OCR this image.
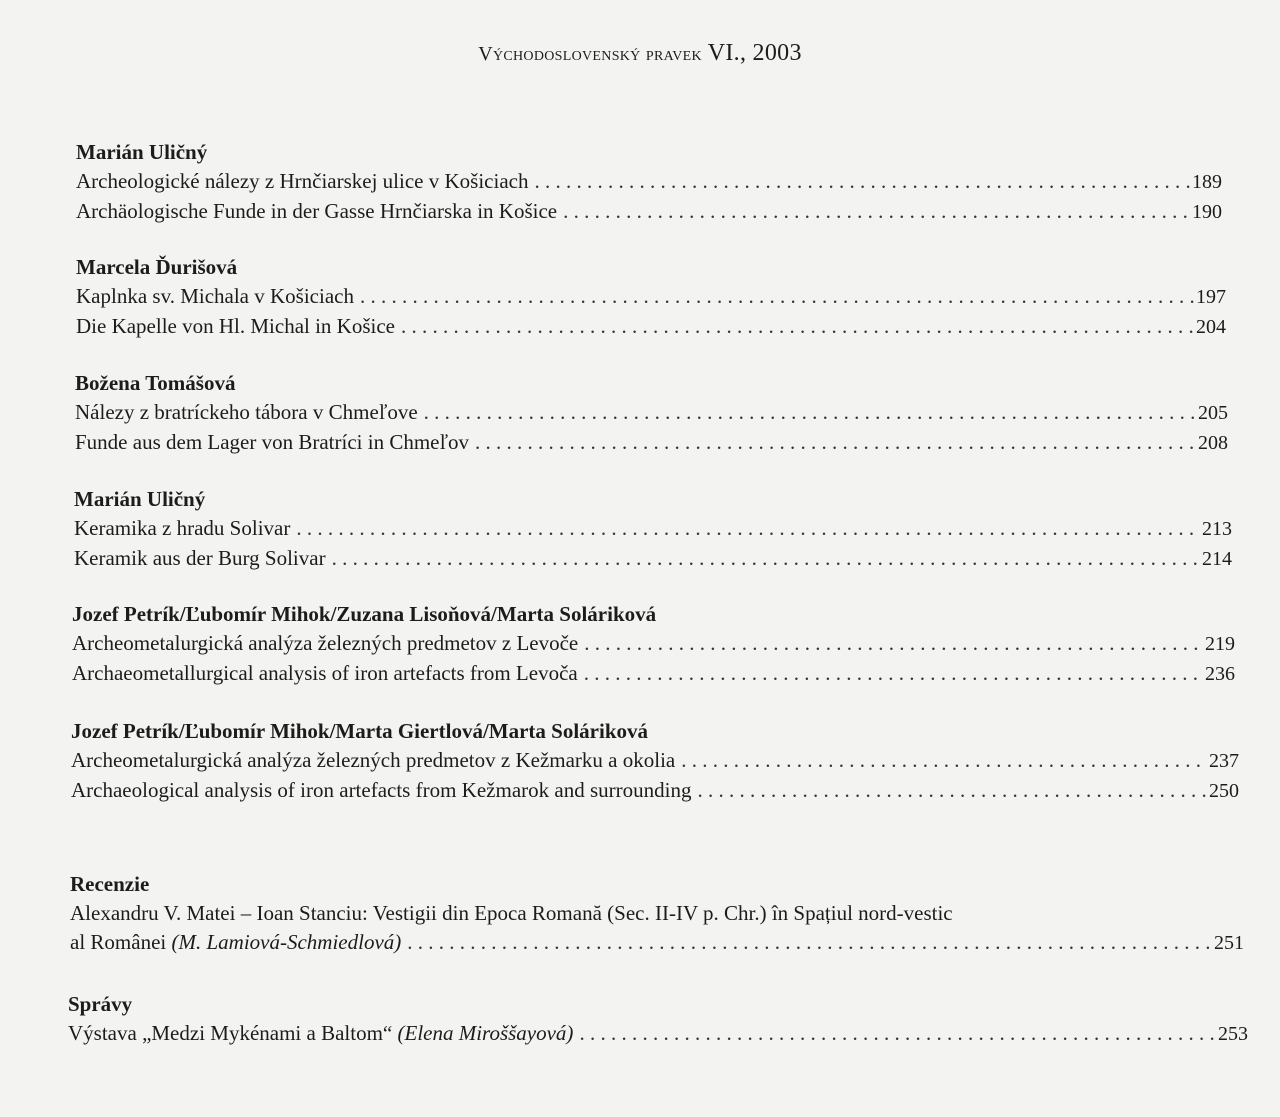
Východoslovenský pravek VI., 2003
Marián Uličný
Archeologické nálezy z Hrnčiarskej ulice v Košiciach . . .	189
Archäologische Funde in der Gasse Hrnčiarska in Košice . . .	190
Marcela Ďurišová
Kaplnka sv. Michala v Košiciach . . .	197
Die Kapelle von Hl. Michal in Košice . . .	204
Božena Tomášová
Nálezy z bratríckeho tábora v Chmeľove . . .	205
Funde aus dem Lager von Bratríci in Chmeľov . . .	208
Marián Uličný
Keramika z hradu Solivar . . .	213
Keramik aus der Burg Solivar . . .	214
Jozef Petrík/Ľubomír Mihok/Zuzana Lisoňová/Marta Soláriková
Archeometalurgická analýza železných predmetov z Levoče . . .	219
Archaeometallurgical analysis of iron artefacts from Levoča . . .	236
Jozef Petrík/Ľubomír Mihok/Marta Giertlová/Marta Soláriková
Archeometalurgická analýza železných predmetov z Kežmarku a okolia . . .	237
Archaeological analysis of iron artefacts from Kežmarok and surrounding . . .	250
Recenzie
Alexandru V. Matei – Ioan Stanciu: Vestigii din Epoca Romană (Sec. II-IV p. Chr.) în Spațiul nord-vestic
al Românei (M. Lamiová-Schmiedlová) . . .	251
Správy
Výstava „Medzi Mykénami a Baltom“ (Elena Miroššayová) . . .	253
